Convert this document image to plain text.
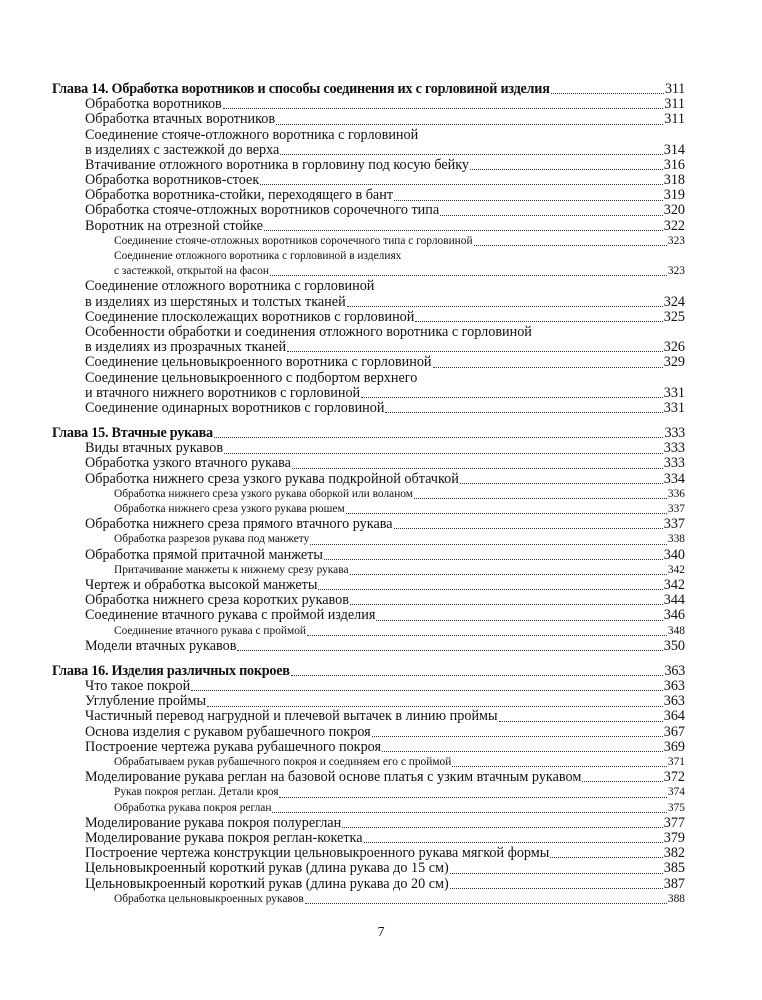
Глава 14. Обработка воротников и способы соединения их с горловиной изделия	311
Обработка воротников	311
Обработка втачных воротников	311
Соединение стояче-отложного воротника с горловиной
в изделиях с застежкой до верха	314
Втачивание отложного воротника в горловину под косую бейку	316
Обработка воротников-стоек	318
Обработка воротника-стойки, переходящего в бант	319
Обработка стояче-отложных воротников сорочечного типа	320
Воротник на отрезной стойке	322
Соединение стояче-отложных воротников сорочечного типа с горловиной	323
Соединение отложного воротника с горловиной в изделиях
с застежкой, открытой на фасон	323
Соединение отложного воротника с горловиной
в изделиях из шерстяных и толстых тканей	324
Соединение плосколежащих воротников с горловиной	325
Особенности обработки и соединения отложного воротника с горловиной
в изделиях из прозрачных тканей	326
Соединение цельновыкроенного воротника с горловиной	329
Соединение цельновыкроенного с подбортом верхнего
и втачного нижнего воротников с горловиной	331
Соединение одинарных воротников с горловиной	331
Глава 15. Втачные рукава	333
Виды втачных рукавов	333
Обработка узкого втачного рукава	333
Обработка нижнего среза узкого рукава подкройной обтачкой	334
Обработка нижнего среза узкого рукава оборкой или воланом	336
Обработка нижнего среза узкого рукава рюшем	337
Обработка нижнего среза прямого втачного рукава	337
Обработка разрезов рукава под манжету	338
Обработка прямой притачной манжеты	340
Притачивание манжеты к нижнему срезу рукава	342
Чертеж и обработка высокой манжеты	342
Обработка нижнего среза коротких рукавов	344
Соединение втачного рукава с проймой изделия	346
Соединение втачного рукава с проймой	348
Модели втачных рукавов	350
Глава 16. Изделия различных покроев	363
Что такое покрой	363
Углубление проймы	363
Частичный перевод нагрудной и плечевой вытачек в линию проймы	364
Основа изделия с рукавом рубашечного покроя	367
Построение чертежа рукава рубашечного покроя	369
Обрабатываем рукав рубашечного покроя и соединяем его с проймой	371
Моделирование рукава реглан на базовой основе платья с узким втачным рукавом	372
Рукав покроя реглан. Детали кроя	374
Обработка рукава покроя реглан	375
Моделирование рукава покроя полуреглан	377
Моделирование рукава покроя реглан-кокетка	379
Построение чертежа конструкции цельновыкроенного рукава мягкой формы	382
Цельновыкроенный короткий рукав (длина рукава до 15 см)	385
Цельновыкроенный короткий рукав (длина рукава до 20 см)	387
Обработка цельновыкроенных рукавов	388
7
